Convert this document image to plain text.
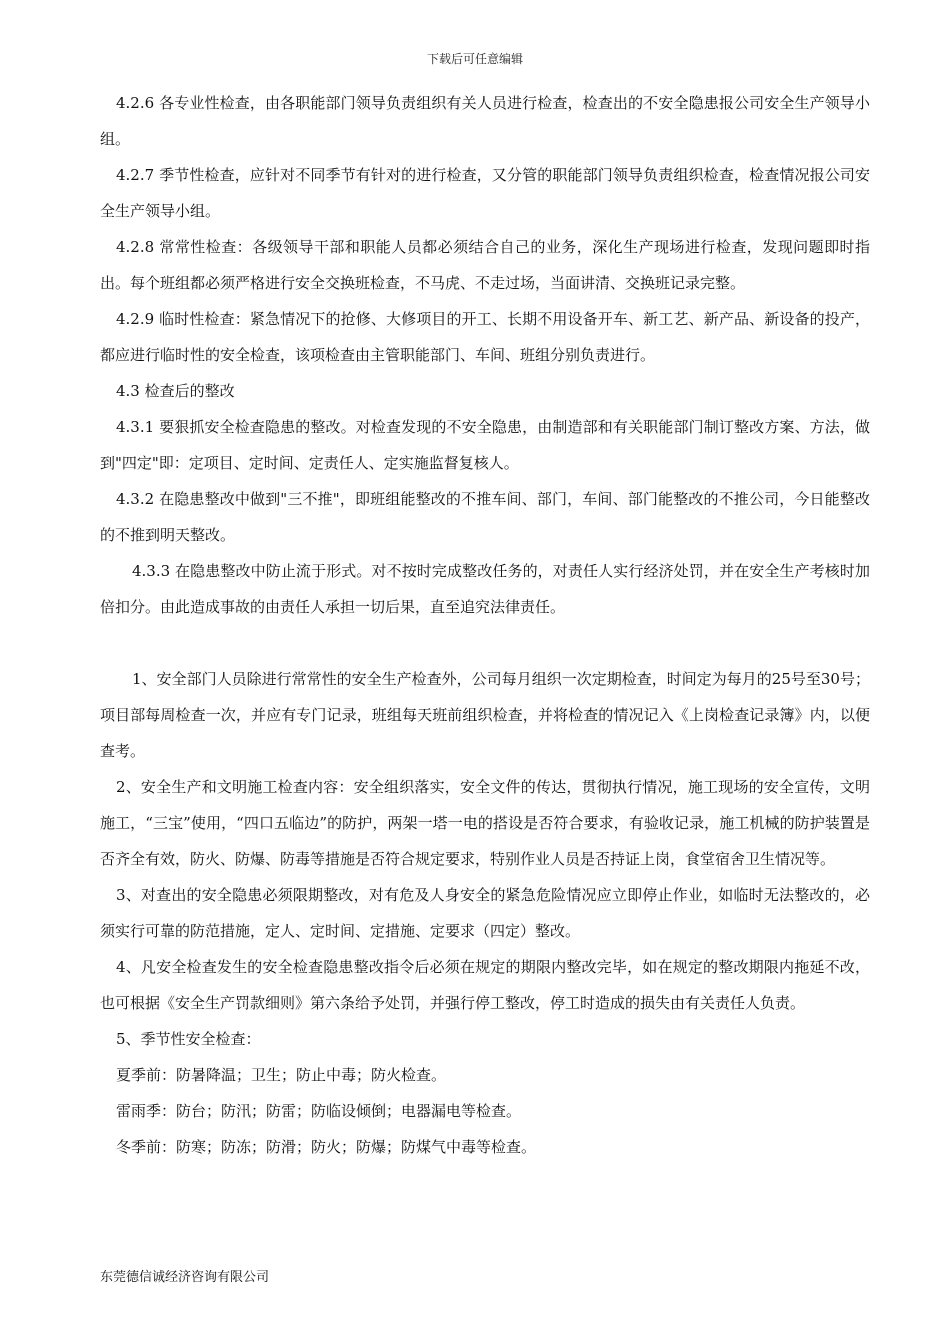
下载后可任意编辑

4.2.6 各专业性检查，由各职能部门领导负责组织有关人员进行检查，检查出的不安全隐患报公司安全生产领导小组。

4.2.7 季节性检查，应针对不同季节有针对的进行检查，又分管的职能部门领导负责组织检查，检查情况报公司安全生产领导小组。

4.2.8 常常性检查：各级领导干部和职能人员都必须结合自己的业务，深化生产现场进行检查，发现问题即时指出。每个班组都必须严格进行安全交换班检查，不马虎、不走过场，当面讲清、交换班记录完整。

4.2.9 临时性检查：紧急情况下的抢修、大修项目的开工、长期不用设备开车、新工艺、新产品、新设备的投产，都应进行临时性的安全检查，该项检查由主管职能部门、车间、班组分别负责进行。

4.3 检查后的整改

4.3.1 要狠抓安全检查隐患的整改。对检查发现的不安全隐患，由制造部和有关职能部门制订整改方案、方法，做到"四定"即：定项目、定时间、定责任人、定实施监督复核人。

4.3.2 在隐患整改中做到"三不推"，即班组能整改的不推车间、部门，车间、部门能整改的不推公司，今日能整改的不推到明天整改。

4.3.3 在隐患整改中防止流于形式。对不按时完成整改任务的，对责任人实行经济处罚，并在安全生产考核时加倍扣分。由此造成事故的由责任人承担一切后果，直至追究法律责任。

1、安全部门人员除进行常常性的安全生产检查外，公司每月组织一次定期检查，时间定为每月的25号至30号；项目部每周检查一次，并应有专门记录，班组每天班前组织检查，并将检查的情况记入《上岗检查记录簿》内，以便查考。

2、安全生产和文明施工检查内容：安全组织落实，安全文件的传达，贯彻执行情况，施工现场的安全宣传，文明施工，“三宝”使用，“四口五临边”的防护，两架一塔一电的搭设是否符合要求，有验收记录，施工机械的防护装置是否齐全有效，防火、防爆、防毒等措施是否符合规定要求，特别作业人员是否持证上岗，食堂宿舍卫生情况等。

3、对查出的安全隐患必须限期整改，对有危及人身安全的紧急危险情况应立即停止作业，如临时无法整改的，必须实行可靠的防范措施，定人、定时间、定措施、定要求（四定）整改。

4、凡安全检查发生的安全检查隐患整改指令后必须在规定的期限内整改完毕，如在规定的整改期限内拖延不改，也可根据《安全生产罚款细则》第六条给予处罚，并强行停工整改，停工时造成的损失由有关责任人负责。

5、季节性安全检查：

夏季前：防暑降温；卫生；防止中毒；防火检查。

雷雨季：防台；防汛；防雷；防临设倾倒；电器漏电等检查。

冬季前：防寒；防冻；防滑；防火；防爆；防煤气中毒等检查。

东莞德信诚经济咨询有限公司
